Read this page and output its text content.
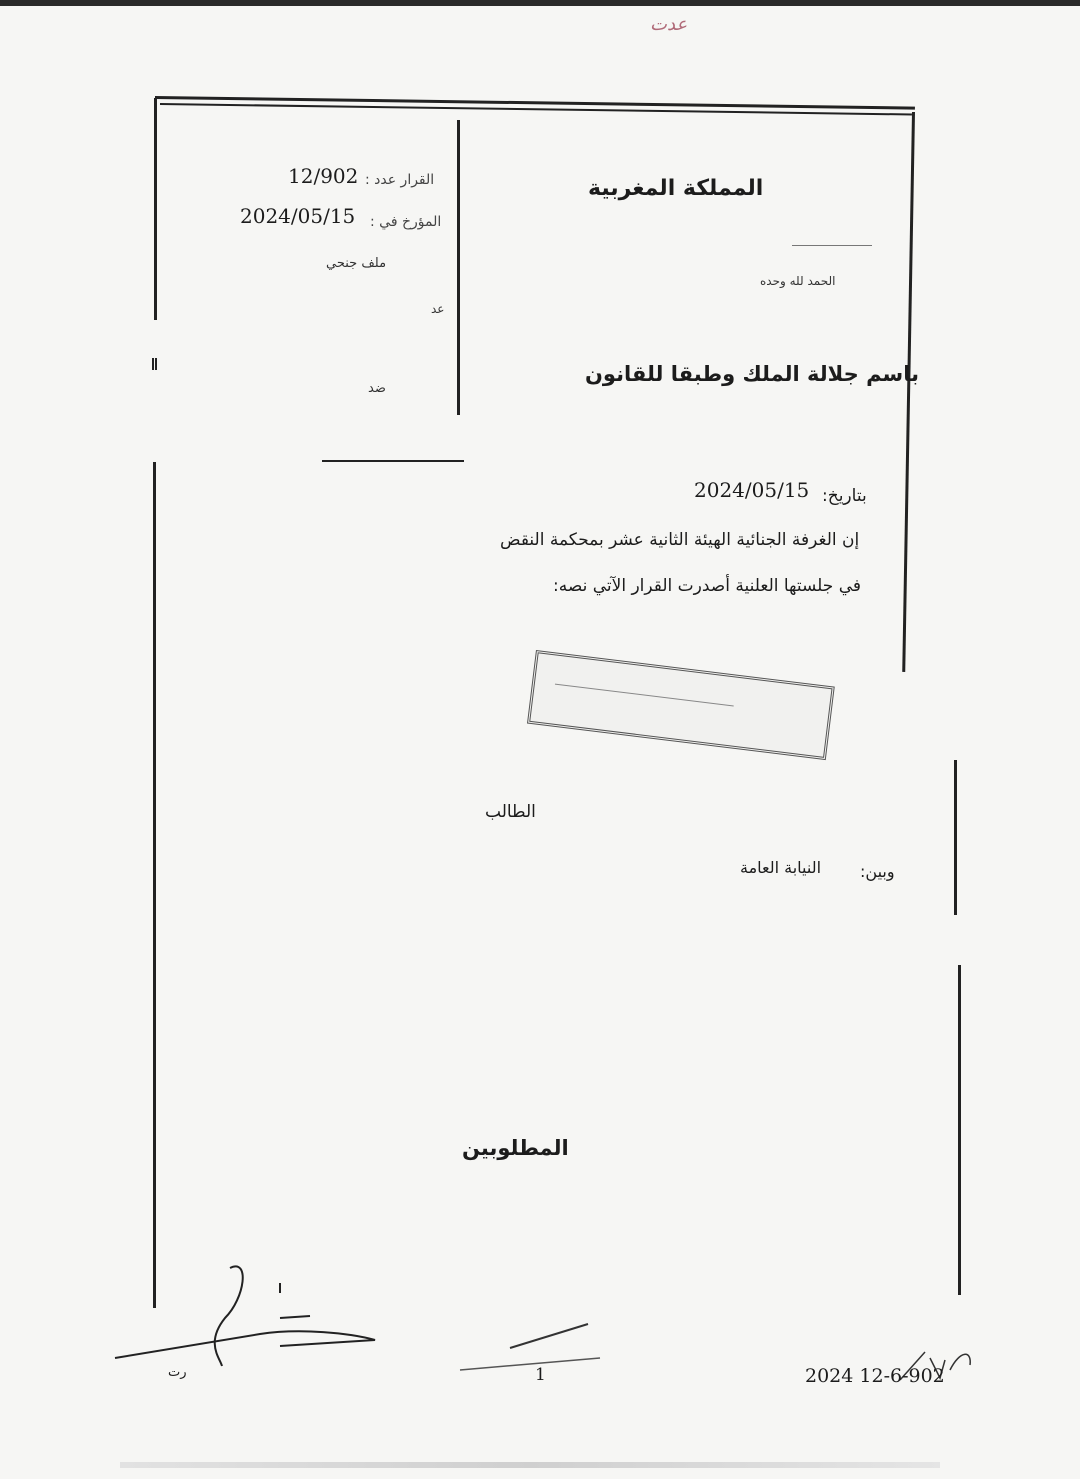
عدت
المملكة المغربية
الحمد لله وحده
باسم جلالة الملك وطبقا للقانون
القرار عدد :
12/902
المؤرخ في :
2024/05/15
ملف جنحي
عد
ضد
بتاريخ:
2024/05/15
إن الغرفة الجنائية الهيئة الثانية عشر بمحكمة النقض
في جلستها العلنية أصدرت القرار الآتي نصه:
الطالب
وبين:
النيابة العامة
المطلوبين
رت	1	2024 12-6-902
